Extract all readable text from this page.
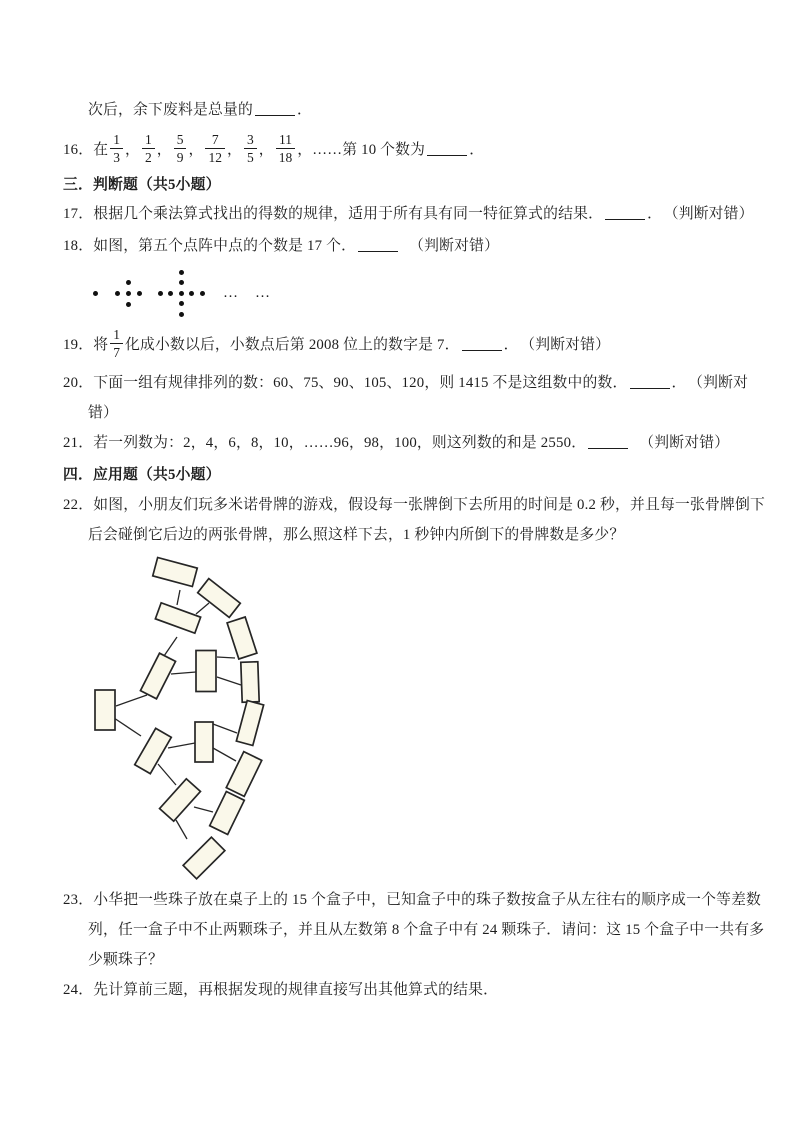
次后，余下废料是总量的	．
16．在 $\frac{1}{3}$ ， $\frac{1}{2}$ ， $\frac{5}{9}$ ， $\frac{7}{12}$ ， $\frac{3}{5}$ ， $\frac{11}{18}$ ，……第 10 个数为	．
三．判断题（共5小题）
17．根据几个乘法算式找出的得数的规律，适用于所有具有同一特征算式的结果．	． （判断对错）
18．如图，第五个点阵中点的个数是 17 个．	（判断对错）
19．将 $\frac{1}{7}$ 化成小数以后，小数点后第 2008 位上的数字是 7．	． （判断对错）
20．下面一组有规律排列的数：60、75、90、105、120，则 1415 不是这组数中的数．	． （判断对
错）
21．若一列数为：2，4，6，8，10，……96，98，100，则这列数的和是 2550．	（判断对错）
四．应用题（共5小题）
22．如图，小朋友们玩多米诺骨牌的游戏，假设每一张牌倒下去所用的时间是 0.2 秒，并且每一张骨牌倒下
后会碰倒它后边的两张骨牌，那么照这样下去，1 秒钟内所倒下的骨牌数是多少？
23．小华把一些珠子放在桌子上的 15 个盒子中，已知盒子中的珠子数按盒子从左往右的顺序成一个等差数
列，任一盒子中不止两颗珠子，并且从左数第 8 个盒子中有 24 颗珠子．请问：这 15 个盒子中一共有多
少颗珠子？
24．先计算前三题，再根据发现的规律直接写出其他算式的结果．
…　…
